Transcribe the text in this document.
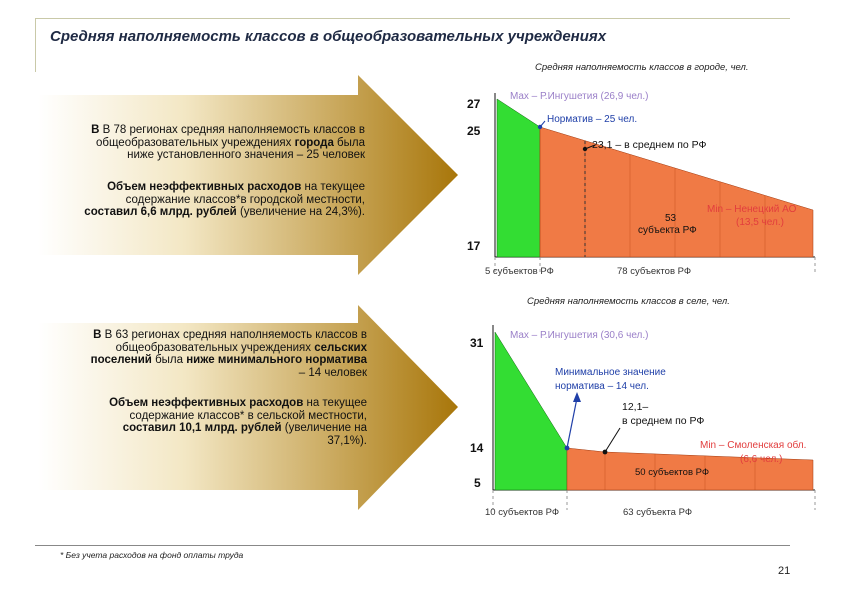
Средняя наполняемость классов в общеобразовательных учреждениях
В В 78 регионах средняя наполняемость классов в
общеобразовательных учреждениях города была
ниже установленного значения – 25 человек
Объем неэффективных расходов на текущее
содержание классов*в городской местности,
составил 6,6 млрд. рублей (увеличение на 24,3%).
В В 63 регионах средняя наполняемость классов в
общеобразовательных учреждениях сельских
поселений была ниже минимального норматива
– 14 человек
Объем неэффективных расходов на текущее
содержание классов* в сельской местности,
составил 10,1 млрд. рублей (увеличение на
37,1%).
Средняя наполняемость классов в городе, чел.
27
25
17
Max – Р.Ингушетия (26,9 чел.)
Норматив – 25 чел.
23,1 – в среднем по РФ
Min – Ненецкий АО
(13,5 чел.)
53
субъекта РФ
5 субъектов РФ	78 субъектов РФ
Средняя наполняемость классов в селе, чел.
31
14
5
Max – Р.Ингушетия (30,6 чел.)
Минимальное значение
норматива – 14 чел.
12,1–
в среднем по РФ
Min – Смоленская обл.
(6,6 чел.)
50 субъектов РФ
10 субъектов РФ	63 субъекта РФ
* Без учета расходов на фонд оплаты труда
21
